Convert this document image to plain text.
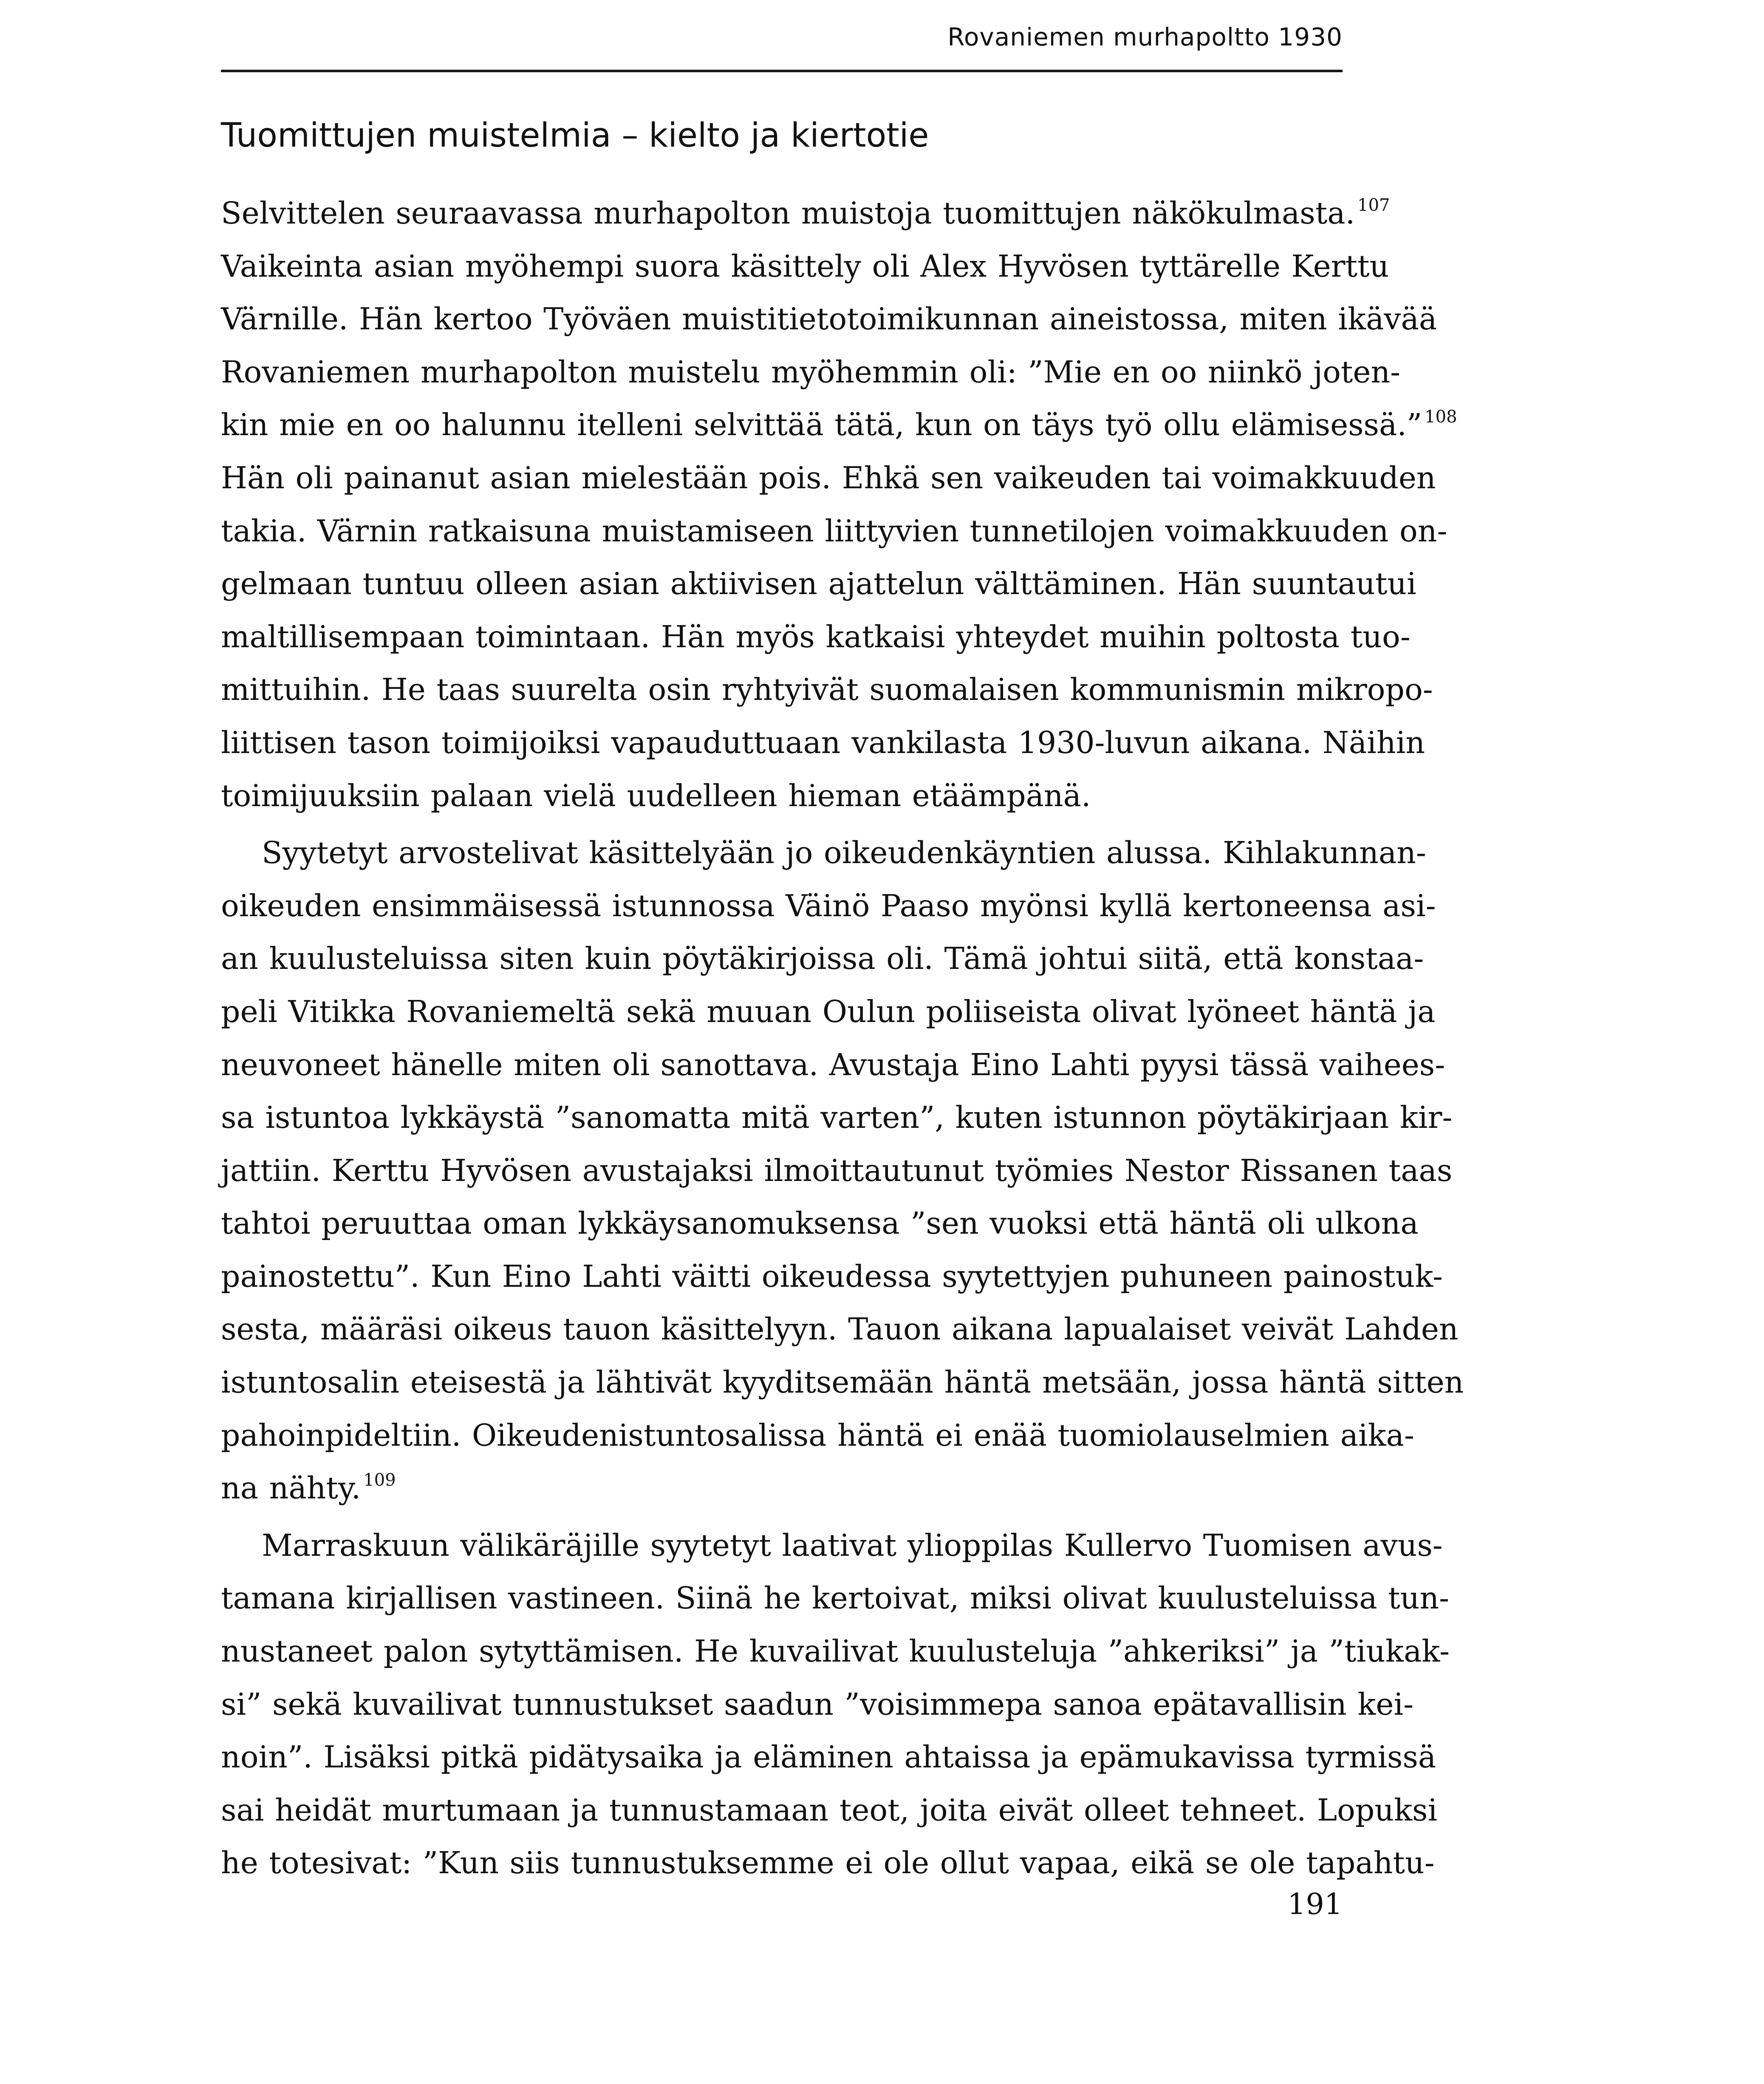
Rovaniemen murhapoltto 1930
Tuomittujen muistelmia – kielto ja kiertotie

Selvittelen seuraavassa murhapolton muistoja tuomittujen näkökulmasta. $^{107}$
Vaikeinta asian myöhempi suora käsittely oli Alex Hyvösen tyttärelle Kerttu
Värnille. Hän kertoo Työväen muistitietotoimikunnan aineistossa, miten ikävää
Rovaniemen murhapolton muistelu myöhemmin oli: ”Mie en oo niinkö joten-
kin mie en oo halunnu itelleni selvittää tätä, kun on täys työ ollu elämisessä.” $^{108}$
Hän oli painanut asian mielestään pois. Ehkä sen vaikeuden tai voimakkuuden
takia. Värnin ratkaisuna muistamiseen liittyvien tunnetilojen voimakkuuden on-
gelmaan tuntuu olleen asian aktiivisen ajattelun välttäminen. Hän suuntautui
maltillisempaan toimintaan. Hän myös katkaisi yhteydet muihin poltosta tuo-
mittuihin. He taas suurelta osin ryhtyivät suomalaisen kommunismin mikropo-
liittisen tason toimijoiksi vapauduttuaan vankilasta 1930-luvun aikana. Näihin
toimijuuksiin palaan vielä uudelleen hieman etäämpänä.

Syytetyt arvostelivat käsittelyään jo oikeudenkäyntien alussa. Kihlakunnan-
oikeuden ensimmäisessä istunnossa Väinö Paaso myönsi kyllä kertoneensa asi-
an kuulusteluissa siten kuin pöytäkirjoissa oli. Tämä johtui siitä, että konstaa-
peli Vitikka Rovaniemeltä sekä muuan Oulun poliiseista olivat lyöneet häntä ja
neuvoneet hänelle miten oli sanottava. Avustaja Eino Lahti pyysi tässä vaihees-
sa istuntoa lykkäystä ”sanomatta mitä varten”, kuten istunnon pöytäkirjaan kir-
jattiin. Kerttu Hyvösen avustajaksi ilmoittautunut työmies Nestor Rissanen taas
tahtoi peruuttaa oman lykkäysanomuksensa ”sen vuoksi että häntä oli ulkona
painostettu”. Kun Eino Lahti väitti oikeudessa syytettyjen puhuneen painostuk-
sesta, määräsi oikeus tauon käsittelyyn. Tauon aikana lapualaiset veivät Lahden
istuntosalin eteisestä ja lähtivät kyyditsemään häntä metsään, jossa häntä sitten
pahoinpideltiin. Oikeudenistuntosalissa häntä ei enää tuomiolauselmien aika-
na nähty. $^{109}$

Marraskuun välikäräjille syytetyt laativat ylioppilas Kullervo Tuomisen avus-
tamana kirjallisen vastineen. Siinä he kertoivat, miksi olivat kuulusteluissa tun-
nustaneet palon sytyttämisen. He kuvailivat kuulusteluja ”ahkeriksi” ja ”tiukak-
si” sekä kuvailivat tunnustukset saadun ”voisimmepa sanoa epätavallisin kei-
noin”. Lisäksi pitkä pidätysaika ja eläminen ahtaissa ja epämukavissa tyrmissä
sai heidät murtumaan ja tunnustamaan teot, joita eivät olleet tehneet. Lopuksi
he totesivat: ”Kun siis tunnustuksemme ei ole ollut vapaa, eikä se ole tapahtu-

191
